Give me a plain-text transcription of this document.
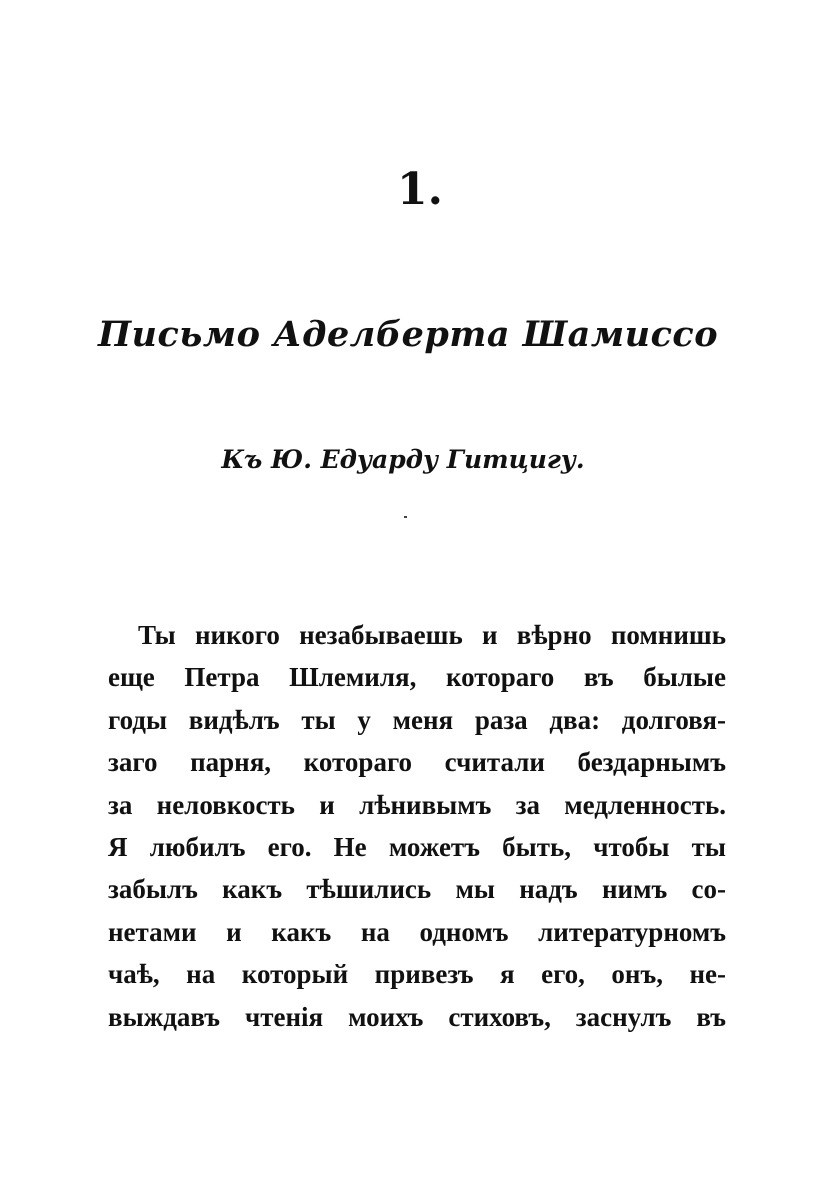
1.
Письмо Аделберта Шамиссо
Къ Ю. Едуарду Гитцигу.
Ты никого незабываешь и вѣрно помнишь
еще Петра Шлемиля, котораго въ былые
годы видѣлъ ты у меня раза два: долговя-
заго парня, котораго считали бездарнымъ
за неловкость и лѣнивымъ за медленность.
Я любилъ его. Не можетъ быть, чтобы ты
забылъ какъ тѣшились мы надъ нимъ со-
нетами и какъ на одномъ литературномъ
чаѣ, на который привезъ я его, онъ, не-
выждавъ чтенія моихъ стиховъ, заснулъ въ
